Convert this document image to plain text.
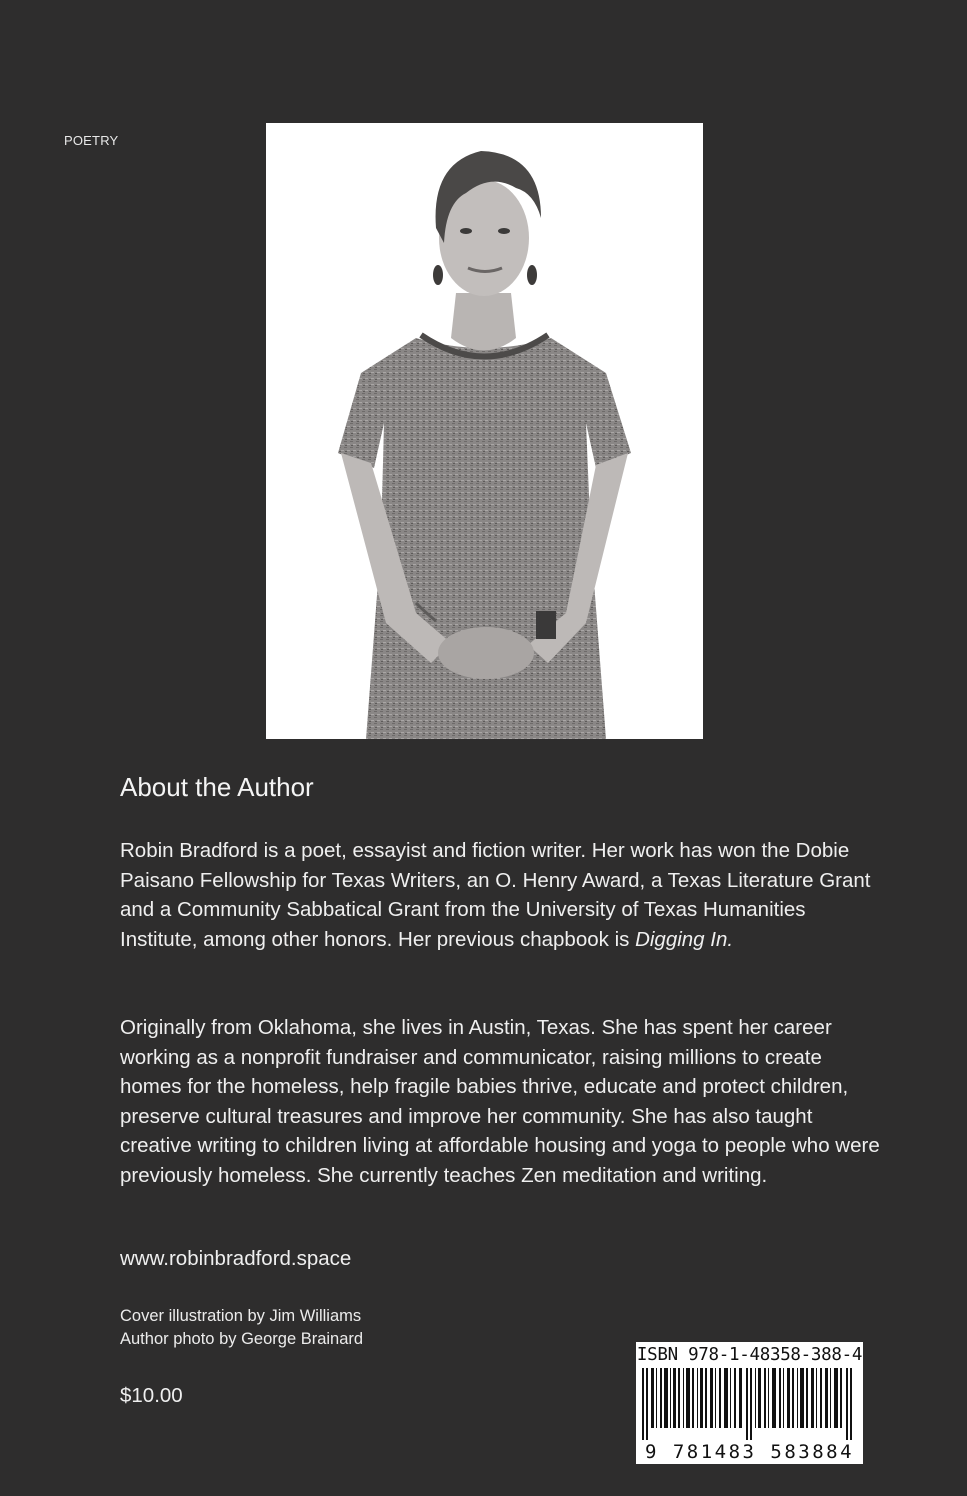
POETRY
About the Author

Robin Bradford is a poet, essayist and fiction writer. Her work has won the Dobie Paisano Fellowship for Texas Writers, an O. Henry Award, a Texas Literature Grant and a Community Sabbatical Grant from the University of Texas Humanities Institute, among other honors. Her previous chapbook is Digging In.

Originally from Oklahoma, she lives in Austin, Texas. She has spent her career working as a nonprofit fundraiser and communicator, raising millions to create homes for the homeless, help fragile babies thrive, educate and protect children, preserve cultural treasures and improve her community. She has also taught creative writing to children living at affordable housing and yoga to people who were previously homeless. She currently teaches Zen meditation and writing.

www.robinbradford.space
Cover illustration by Jim Williams
Author photo by George Brainard
$10.00
ISBN 978-1-48358-388-4
9 781483 583884
